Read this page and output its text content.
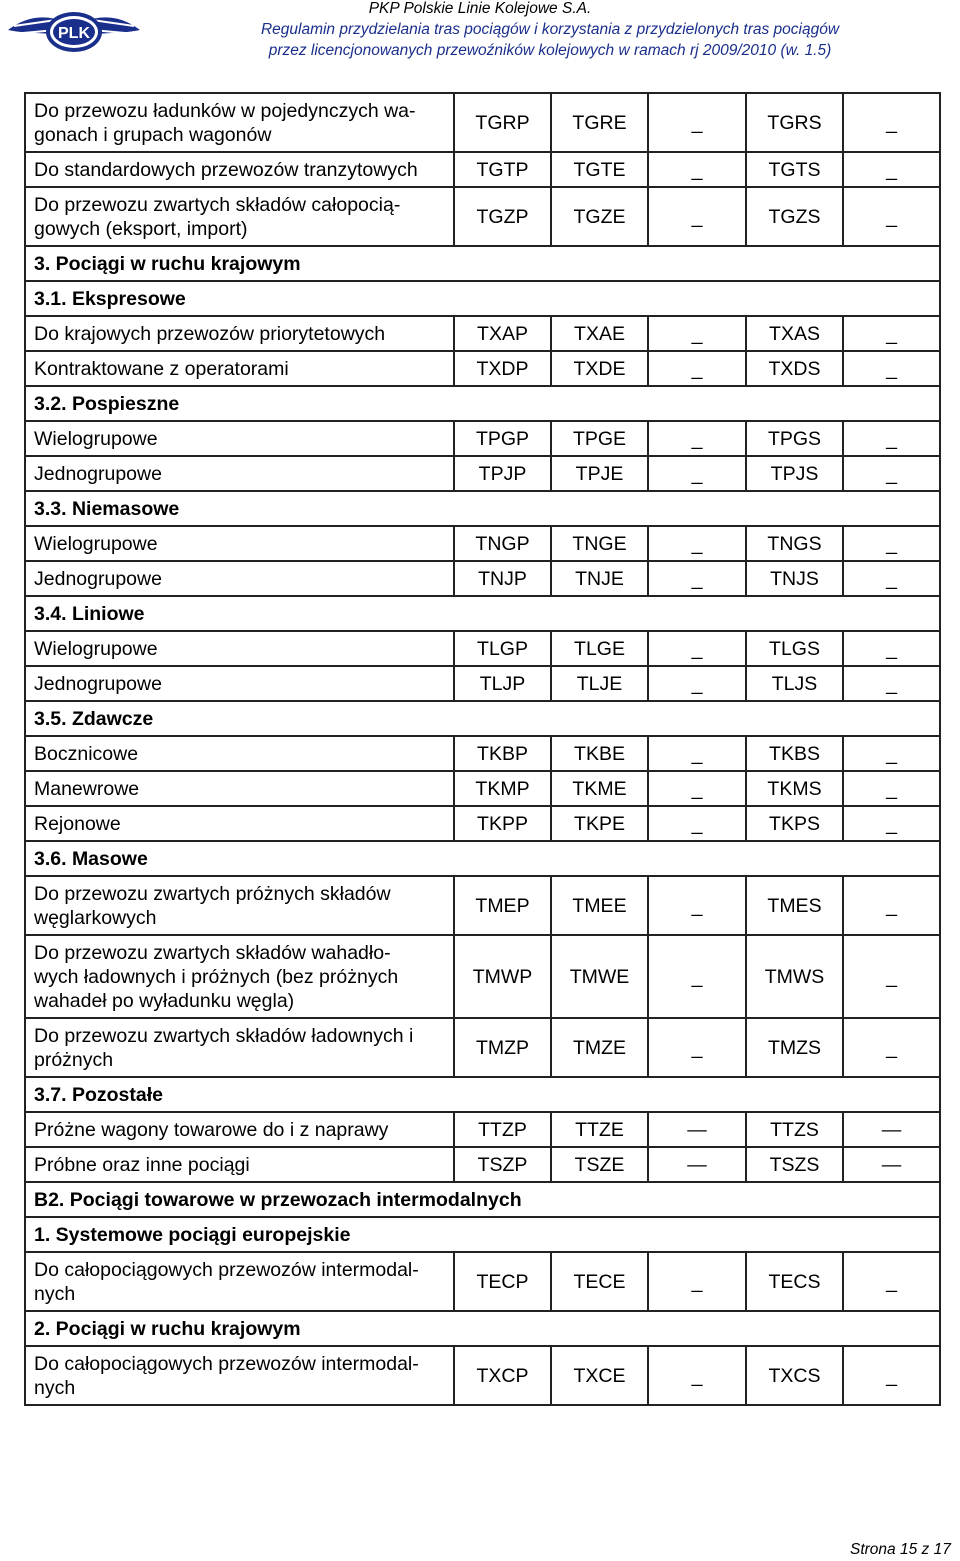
PLK
PKP Polskie Linie Kolejowe S.A.
Regulamin przydzielania tras pociągów i korzystania z przydzielonych tras pociągów
przez licencjonowanych przewoźników kolejowych w ramach rj 2009/2010 (w. 1.5)
Do przewozu ładunków w pojedynczych wa-
gonach i grupach wagonów	TGRP	TGRE	_	TGRS	_
Do standardowych przewozów tranzytowych	TGTP	TGTE	_	TGTS	_
Do przewozu zwartych składów całopocią-
gowych (eksport, import)	TGZP	TGZE	_	TGZS	_
3. Pociągi w ruchu krajowym					
3.1. Ekspresowe					
Do krajowych przewozów priorytetowych	TXAP	TXAE	_	TXAS	_
Kontraktowane z operatorami	TXDP	TXDE	_	TXDS	_
3.2. Pospieszne					
Wielogrupowe	TPGP	TPGE	_	TPGS	_
Jednogrupowe	TPJP	TPJE	_	TPJS	_
3.3. Niemasowe					
Wielogrupowe	TNGP	TNGE	_	TNGS	_
Jednogrupowe	TNJP	TNJE	_	TNJS	_
3.4. Liniowe					
Wielogrupowe	TLGP	TLGE	_	TLGS	_
Jednogrupowe	TLJP	TLJE	_	TLJS	_
3.5. Zdawcze					
Bocznicowe	TKBP	TKBE	_	TKBS	_
Manewrowe	TKMP	TKME	_	TKMS	_
Rejonowe	TKPP	TKPE	_	TKPS	_
3.6. Masowe					
Do przewozu zwartych próżnych składów
węglarkowych	TMEP	TMEE	_	TMES	_
Do przewozu zwartych składów wahadło-
wych ładownych i próżnych (bez próżnych
wahadeł po wyładunku węgla)	TMWP	TMWE	_	TMWS	_
Do przewozu zwartych składów ładownych i
próżnych	TMZP	TMZE	_	TMZS	_
3.7. Pozostałe					
Próżne wagony towarowe do i z naprawy	TTZP	TTZE	—	TTZS	—
Próbne oraz inne pociągi	TSZP	TSZE	—	TSZS	—
B2. Pociągi towarowe w przewozach intermodalnych					
1. Systemowe pociągi europejskie					
Do całopociągowych przewozów intermodal-
nych	TECP	TECE	_	TECS	_
2. Pociągi w ruchu krajowym					
Do całopociągowych przewozów intermodal-
nych	TXCP	TXCE	_	TXCS	_
Strona 15 z 17
